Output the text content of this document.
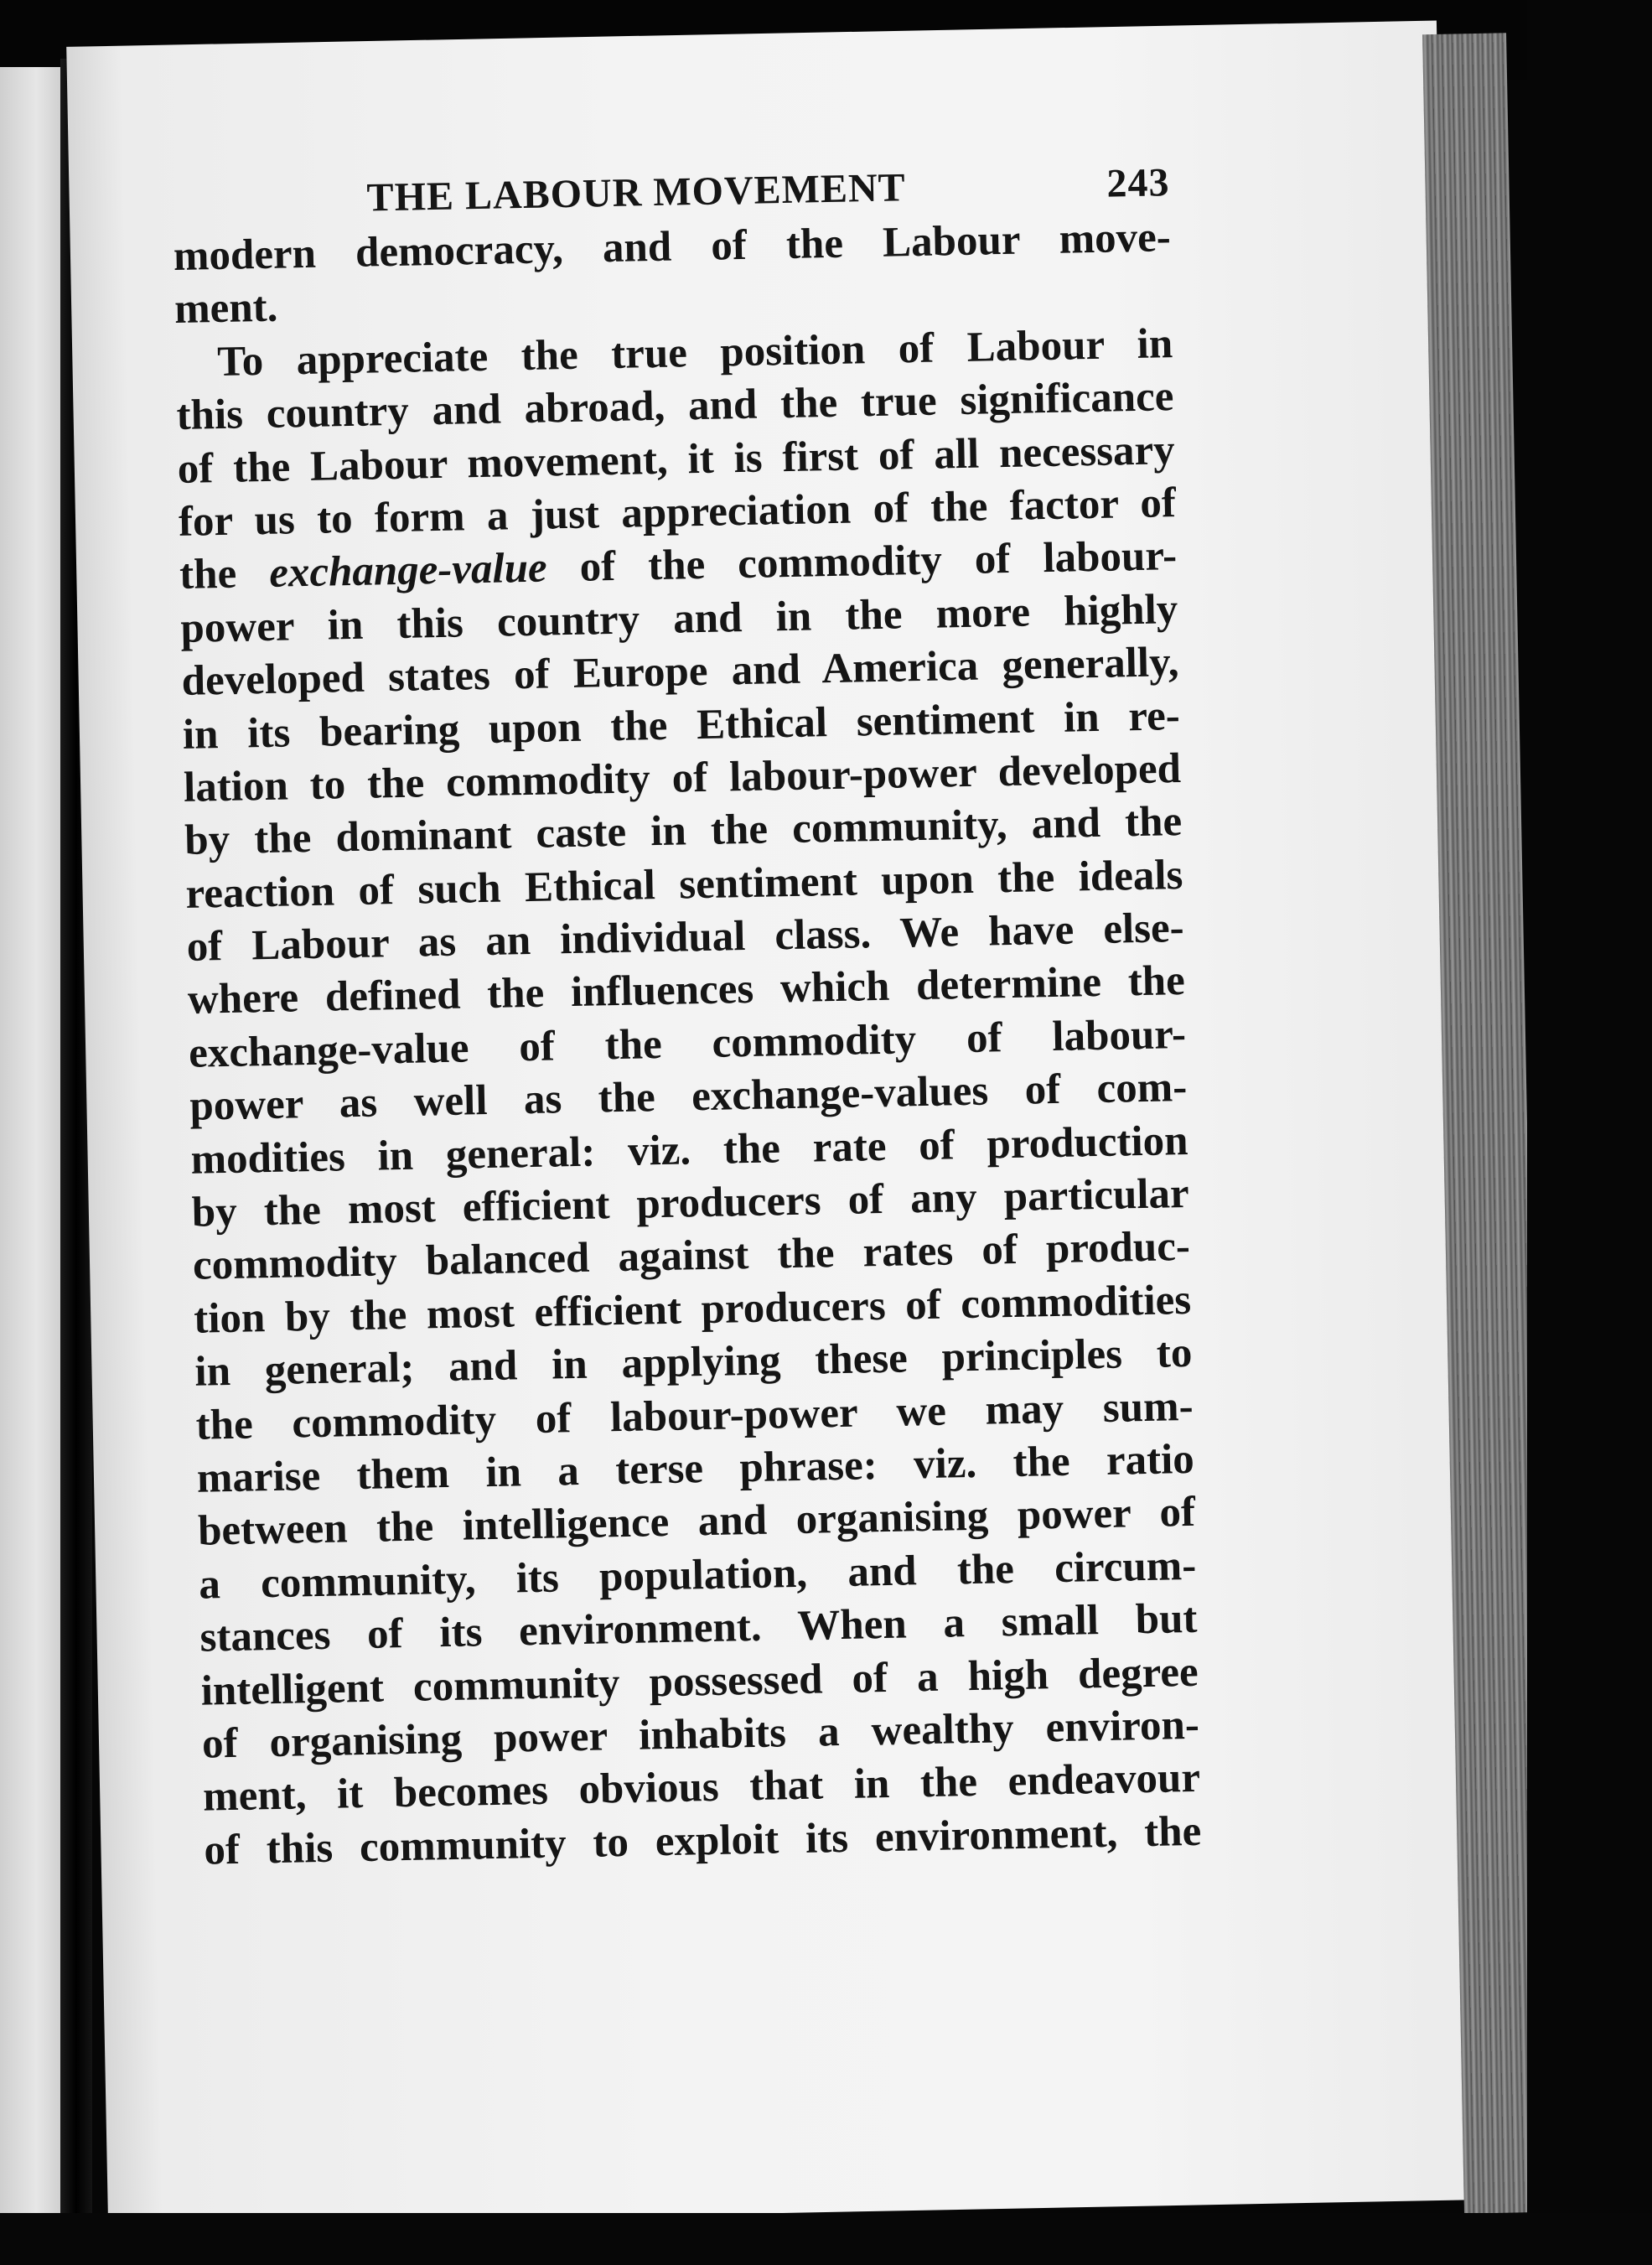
THE LABOUR MOVEMENT	243
modern democracy, and of the Labour move-
ment.
To appreciate the true position of Labour in
this country and abroad, and the true significance
of the Labour movement, it is first of all necessary
for us to form a just appreciation of the factor of
the exchange-value of the commodity of labour-
power in this country and in the more highly
developed states of Europe and America generally,
in its bearing upon the Ethical sentiment in re-
lation to the commodity of labour-power developed
by the dominant caste in the community, and the
reaction of such Ethical sentiment upon the ideals
of Labour as an individual class. We have else-
where defined the influences which determine the
exchange-value of the commodity of labour-
power as well as the exchange-values of com-
modities in general: viz. the rate of production
by the most efficient producers of any particular
commodity balanced against the rates of produc-
tion by the most efficient producers of commodities
in general; and in applying these principles to
the commodity of labour-power we may sum-
marise them in a terse phrase: viz. the ratio
between the intelligence and organising power of
a community, its population, and the circum-
stances of its environment. When a small but
intelligent community possessed of a high degree
of organising power inhabits a wealthy environ-
ment, it becomes obvious that in the endeavour
of this community to exploit its environment, the
